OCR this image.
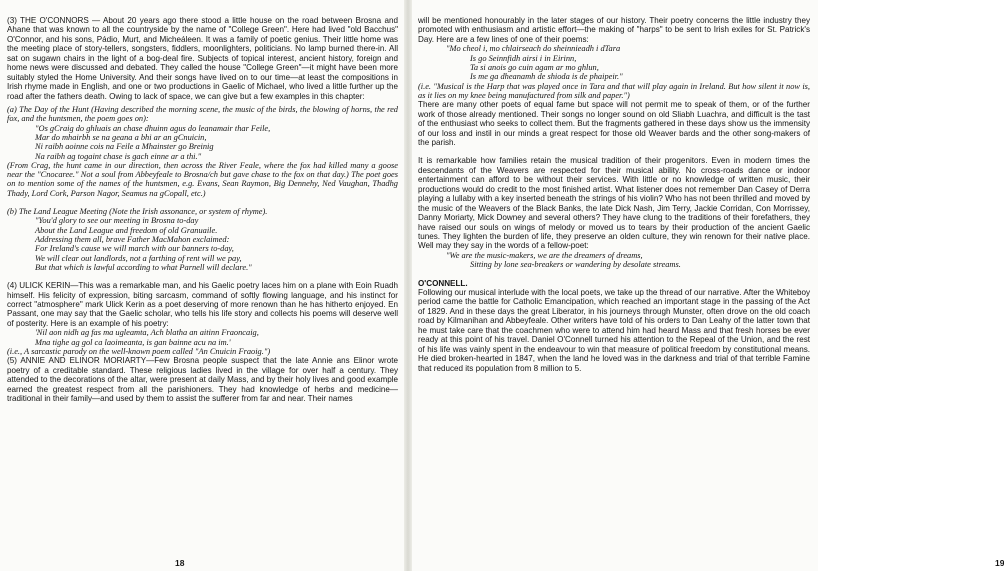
(3) THE O'CONNORS — About 20 years ago there stood a little house on the road between Brosna and Ahane that was known to all the countryside by the name of "College Green". Here had lived "old Bacchus" O'Connor, and his sons, Pádio, Murt, and Micheáleen. It was a family of poetic genius. Their little home was the meeting place of story-tellers, songsters, fiddlers, moonlighters, politicians. No lamp burned there-in. All sat on sugawn chairs in the light of a bog-deal fire. Subjects of topical interest, ancient history, foreign and home news were discussed and debated. They called the house "College Green"—it might have been more suitably styled the Home University. And their songs have lived on to our time—at least the compositions in Irish rhyme made in English, and one or two productions in Gaelic of Michael, who lived a little further up the road after the fathers death. Owing to lack of space, we can give but a few examples in this chapter:

(a) The Day of the Hunt (Having described the morning scene, the music of the birds, the blowing of horns, the red fox, and the huntsmen, the poem goes on):

"Os gCraig do ghluais an chase dhuinn agus do leanamair thar Feile,

Mar do mhairbh se na geana a bhi ar an gCnuicin,

Ni raibh aoinne cois na Feile a Mhainster go Breinig

Na raibh ag togaint chase is gach einne ar a thi."

(From Crag, the hunt came in our direction, then across the River Feale, where the fox had killed many a goose near the "Cnocaree." Not a soul from Abbeyfeale to Brosna/ch but gave chase to the fox on that day.) The poet goes on to mention some of the names of the huntsmen, e.g. Evans, Sean Raymon, Big Dennehy, Ned Vaughan, Thadhg Thady, Lord Cork, Parson Nagor, Seamus na gCopall, etc.)

(b) The Land League Meeting (Note the Irish assonance, or system of rhyme).

"You'd glory to see our meeting in Brosna to-day

About the Land League and freedom of old Granuaile.

Addressing them all, brave Father MacMahon exclaimed:

For Ireland's cause we will march with our banners to-day,

We will clear out landlords, not a farthing of rent will we pay,

But that which is lawful according to what Parnell will declare."

(4) ULICK KERIN—This was a remarkable man, and his Gaelic poetry laces him on a plane with Eoin Ruadh himself. His felicity of expression, biting sarcasm, command of softly flowing language, and his instinct for correct "atmosphere" mark Ulick Kerin as a poet deserving of more renown than he has hitherto enjoyed. En Passant, one may say that the Gaelic scholar, who tells his life story and collects his poems will deserve well of posterity. Here is an example of his poetry:

'Nil aon nidh ag fas ma ugleamta, Ach blatha an aitinn Fraoncaig,

Mna tighe ag gol ca laoimeanta, is gan bainne acu na im.'

(i.e., A sarcastic parody on the well-known poem called "An Cnuicin Fraoig.")

(5) ANNIE AND ELINOR MORIARTY—Few Brosna people suspect that the late Annie ans Elinor wrote poetry of a creditable standard. These religious ladies lived in the village for over half a century. They attended to the decorations of the altar, were present at daily Mass, and by their holy lives and good example earned the greatest respect from all the parishioners. They had knowledge of herbs and medicine—traditional in their family—and used by them to assist the sufferer from far and near. Their names

18

will be mentioned honourably in the later stages of our history. Their poetry concerns the little industry they promoted with enthusiasm and artistic effort—the making of "harps" to be sent to Irish exiles for St. Patrick's Day. Here are a few lines of one of their poems:

"Mo cheol i, mo chlairseach do sheinnieadh i dTara

Is go Seinnfidh airsi i in Eirinn,

Ta si anois go cuin agam ar mo ghlun,

Is me ga dheanamh de shioda is de phaipeir."

(i.e. "Musical is the Harp that was played once in Tara and that will play again in Ireland. But how silent it now is, as it lies on my knee being manufactured from silk and paper.")

There are many other poets of equal fame but space will not permit me to speak of them, or of the further work of those already mentioned. Their songs no longer sound on old Sliabh Luachra, and difficult is the tast of the enthusiast who seeks to collect them. But the fragments gathered in these days show us the immensity of our loss and instil in our minds a great respect for those old Weaver bards and the other song-makers of the parish.

It is remarkable how families retain the musical tradition of their progenitors. Even in modern times the descendants of the Weavers are respected for their musical ability. No cross-roads dance or indoor entertainment can afford to be without their services. With little or no knowledge of written music, their productions would do credit to the most finished artist. What listener does not remember Dan Casey of Derra playing a lullaby with a key inserted beneath the strings of his violin? Who has not been thrilled and moved by the music of the Weavers of the Black Banks, the late Dick Nash, Jim Terry, Jackie Corridan, Con Morrissey, Danny Moriarty, Mick Downey and several others? They have clung to the traditions of their forefathers, they have raised our souls on wings of melody or moved us to tears by their production of the ancient Gaelic tunes. They lighten the burden of life, they preserve an olden culture, they win renown for their native place. Well may they say in the words of a fellow-poet:

"We are the music-makers, we are the dreamers of dreams,

Sitting by lone sea-breakers or wandering by desolate streams.

O'CONNELL.

Following our musical interlude with the local poets, we take up the thread of our narrative. After the Whiteboy period came the battle for Catholic Emancipation, which reached an important stage in the passing of the Act of 1829. And in these days the great Liberator, in his journeys through Munster, often drove on the old coach road by Kilmanihan and Abbeyfeale. Other writers have told of his orders to Dan Leahy of the latter town that he must take care that the coachmen who were to attend him had heard Mass and that fresh horses be ever ready at this point of his travel. Daniel O'Connell turned his attention to the Repeal of the Union, and the rest of his life was vainly spent in the endeavour to win that measure of political freedom by constitutional means. He died broken-hearted in 1847, when the land he loved was in the darkness and trial of that terrible Famine that reduced its population from 8 million to 5.

19
